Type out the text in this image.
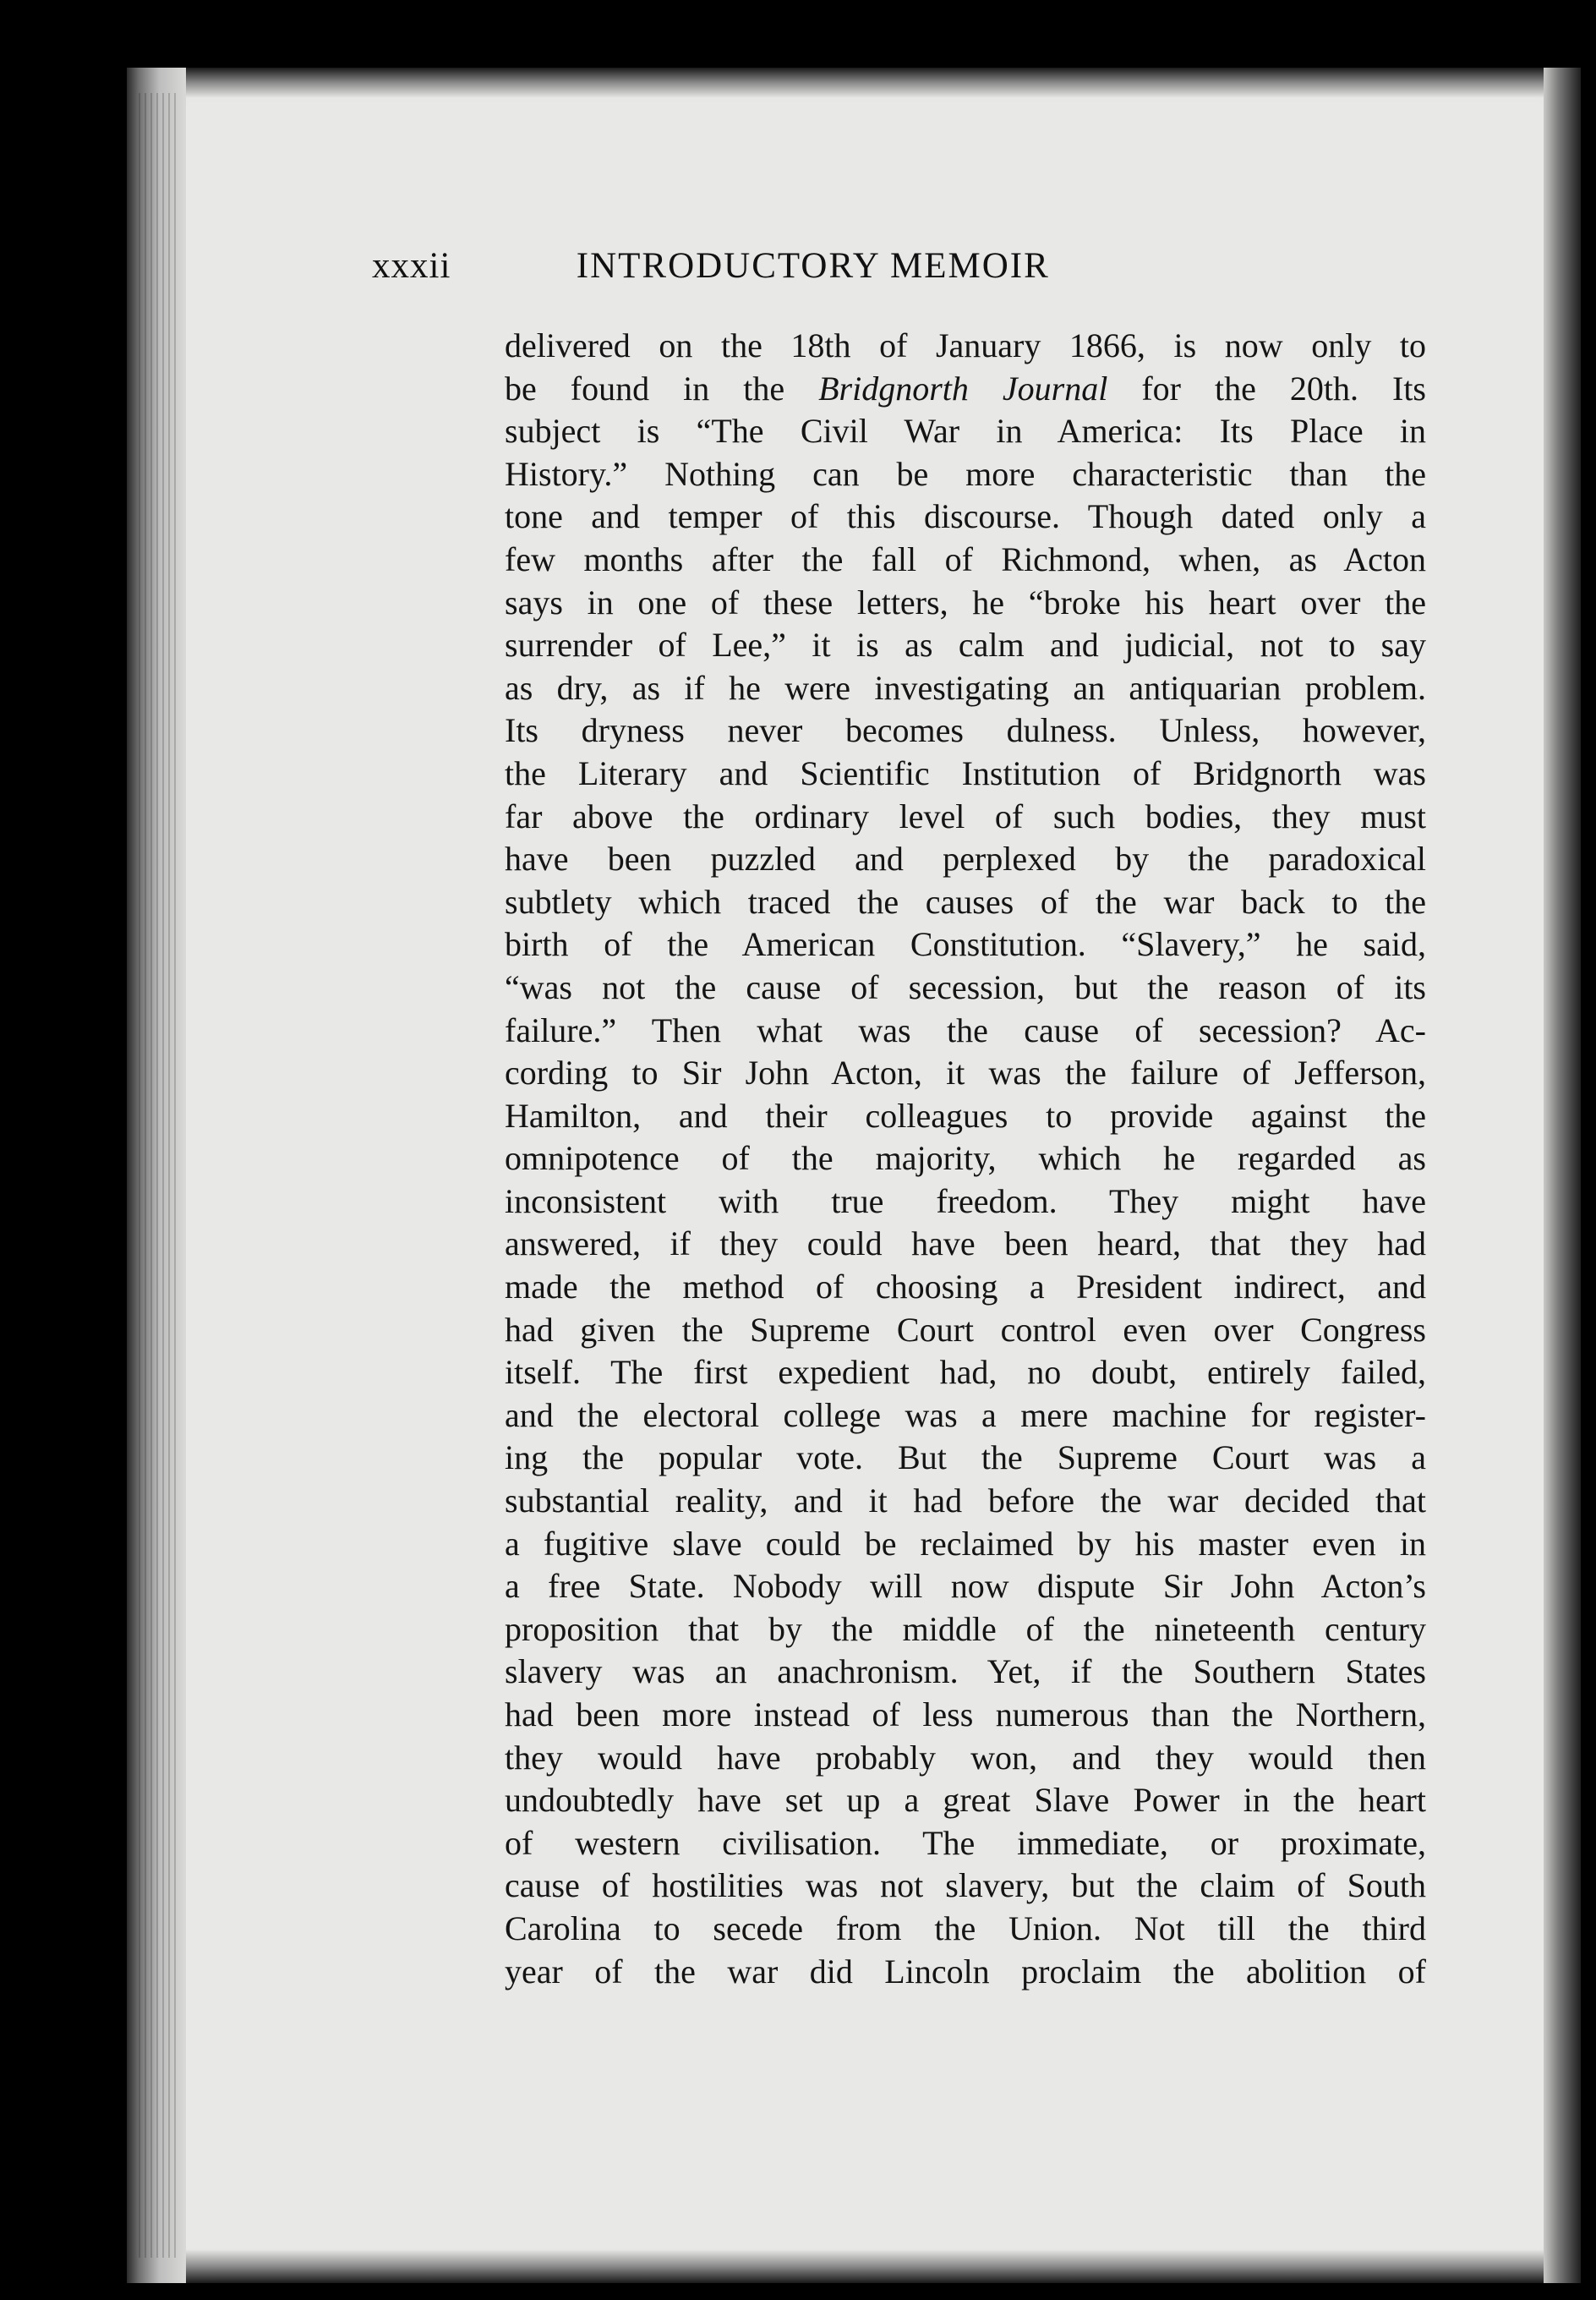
xxxii	INTRODUCTORY MEMOIR
delivered on the 18th of January 1866, is now only to
be found in the Bridgnorth Journal for the 20th. Its
subject is “The Civil War in America: Its Place in
History.” Nothing can be more characteristic than the
tone and temper of this discourse. Though dated only a
few months after the fall of Richmond, when, as Acton
says in one of these letters, he “broke his heart over the
surrender of Lee,” it is as calm and judicial, not to say
as dry, as if he were investigating an antiquarian problem.
Its dryness never becomes dulness. Unless, however,
the Literary and Scientific Institution of Bridgnorth was
far above the ordinary level of such bodies, they must
have been puzzled and perplexed by the paradoxical
subtlety which traced the causes of the war back to the
birth of the American Constitution. “Slavery,” he said,
“was not the cause of secession, but the reason of its
failure.” Then what was the cause of secession? Ac-
cording to Sir John Acton, it was the failure of Jefferson,
Hamilton, and their colleagues to provide against the
omnipotence of the majority, which he regarded as
inconsistent with true freedom. They might have
answered, if they could have been heard, that they had
made the method of choosing a President indirect, and
had given the Supreme Court control even over Congress
itself. The first expedient had, no doubt, entirely failed,
and the electoral college was a mere machine for register-
ing the popular vote. But the Supreme Court was a
substantial reality, and it had before the war decided that
a fugitive slave could be reclaimed by his master even in
a free State. Nobody will now dispute Sir John Acton’s
proposition that by the middle of the nineteenth century
slavery was an anachronism. Yet, if the Southern States
had been more instead of less numerous than the Northern,
they would have probably won, and they would then
undoubtedly have set up a great Slave Power in the heart
of western civilisation. The immediate, or proximate,
cause of hostilities was not slavery, but the claim of South
Carolina to secede from the Union. Not till the third
year of the war did Lincoln proclaim the abolition of
